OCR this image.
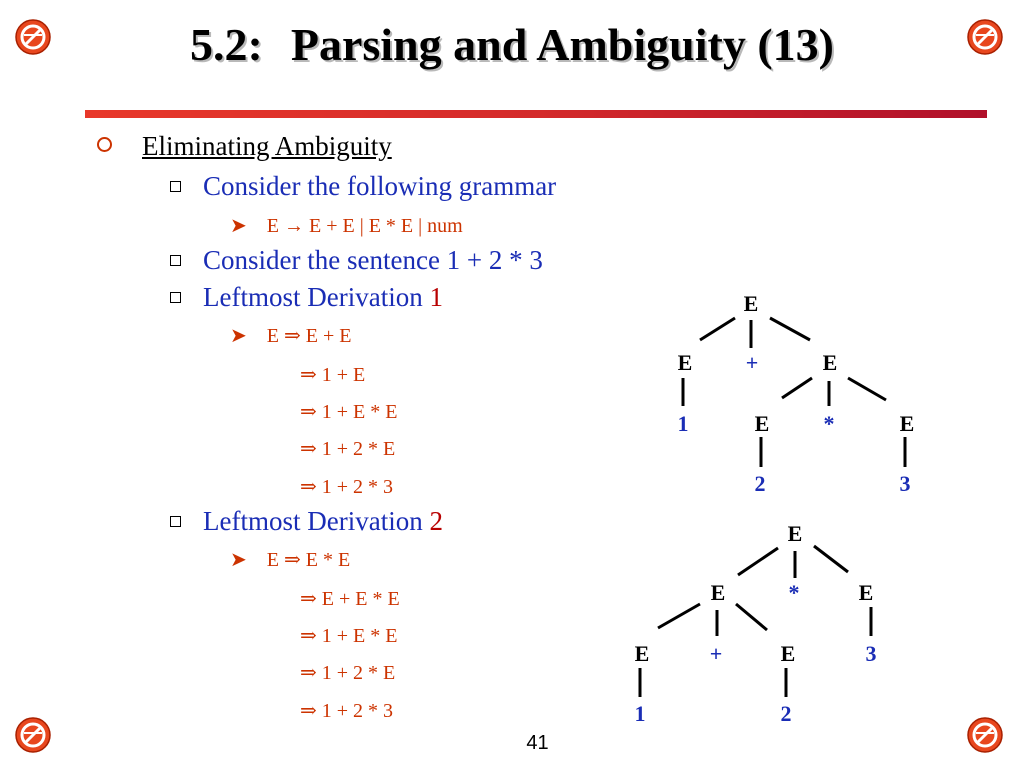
5.2: Parsing and Ambiguity (13)
Eliminating Ambiguity
Consider the following grammar
➤ E → E + E | E * E | num
Consider the sentence 1 + 2 * 3
Leftmost Derivation 1
➤ E ⇒ E + E
⇒ 1 + E
⇒ 1 + E * E
⇒ 1 + 2 * E
⇒ 1 + 2 * 3
Leftmost Derivation 2
➤ E ⇒ E * E
⇒ E + E * E
⇒ 1 + E * E
⇒ 1 + 2 * E
⇒ 1 + 2 * 3
E
E +	E
1	E *	E
2	3
E
E	*	E
E	+	E	3
1	2
41
